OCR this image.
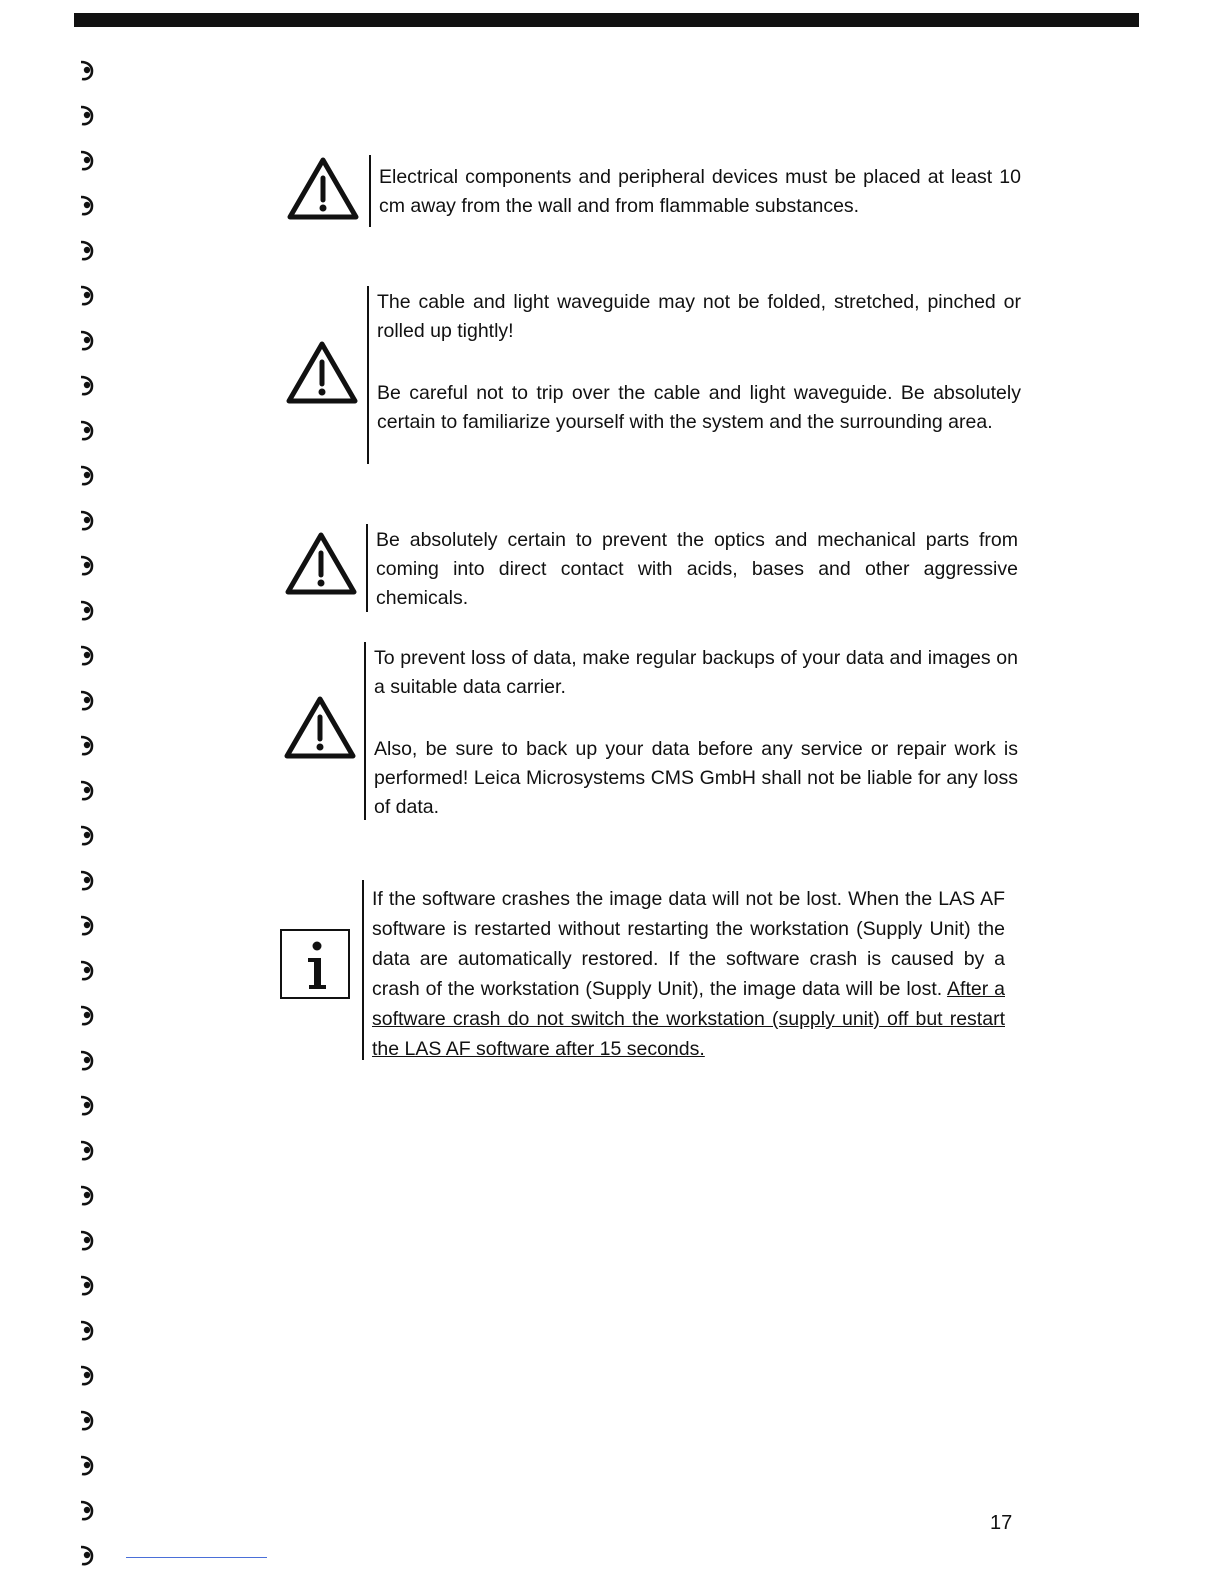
Electrical components and peripheral devices must be placed at least 10 cm away from the wall and from flammable substances.

The cable and light waveguide may not be folded, stretched, pinched or rolled up tightly!

Be careful not to trip over the cable and light waveguide. Be absolutely certain to familiarize yourself with the system and the surrounding area.

Be absolutely certain to prevent the optics and mechanical parts from coming into direct contact with acids, bases and other aggressive chemicals.

To prevent loss of data, make regular backups of your data and images on a suitable data carrier.

Also, be sure to back up your data before any service or repair work is performed! Leica Microsystems CMS GmbH shall not be liable for any loss of data.

If the software crashes the image data will not be lost. When the LAS AF software is restarted without restarting the workstation (Supply Unit) the data are automatically restored. If the software crash is caused by a crash of the workstation (Supply Unit), the image data will be lost. After a software crash do not switch the workstation (supply unit) off but restart the LAS AF software after 15 seconds.

17
